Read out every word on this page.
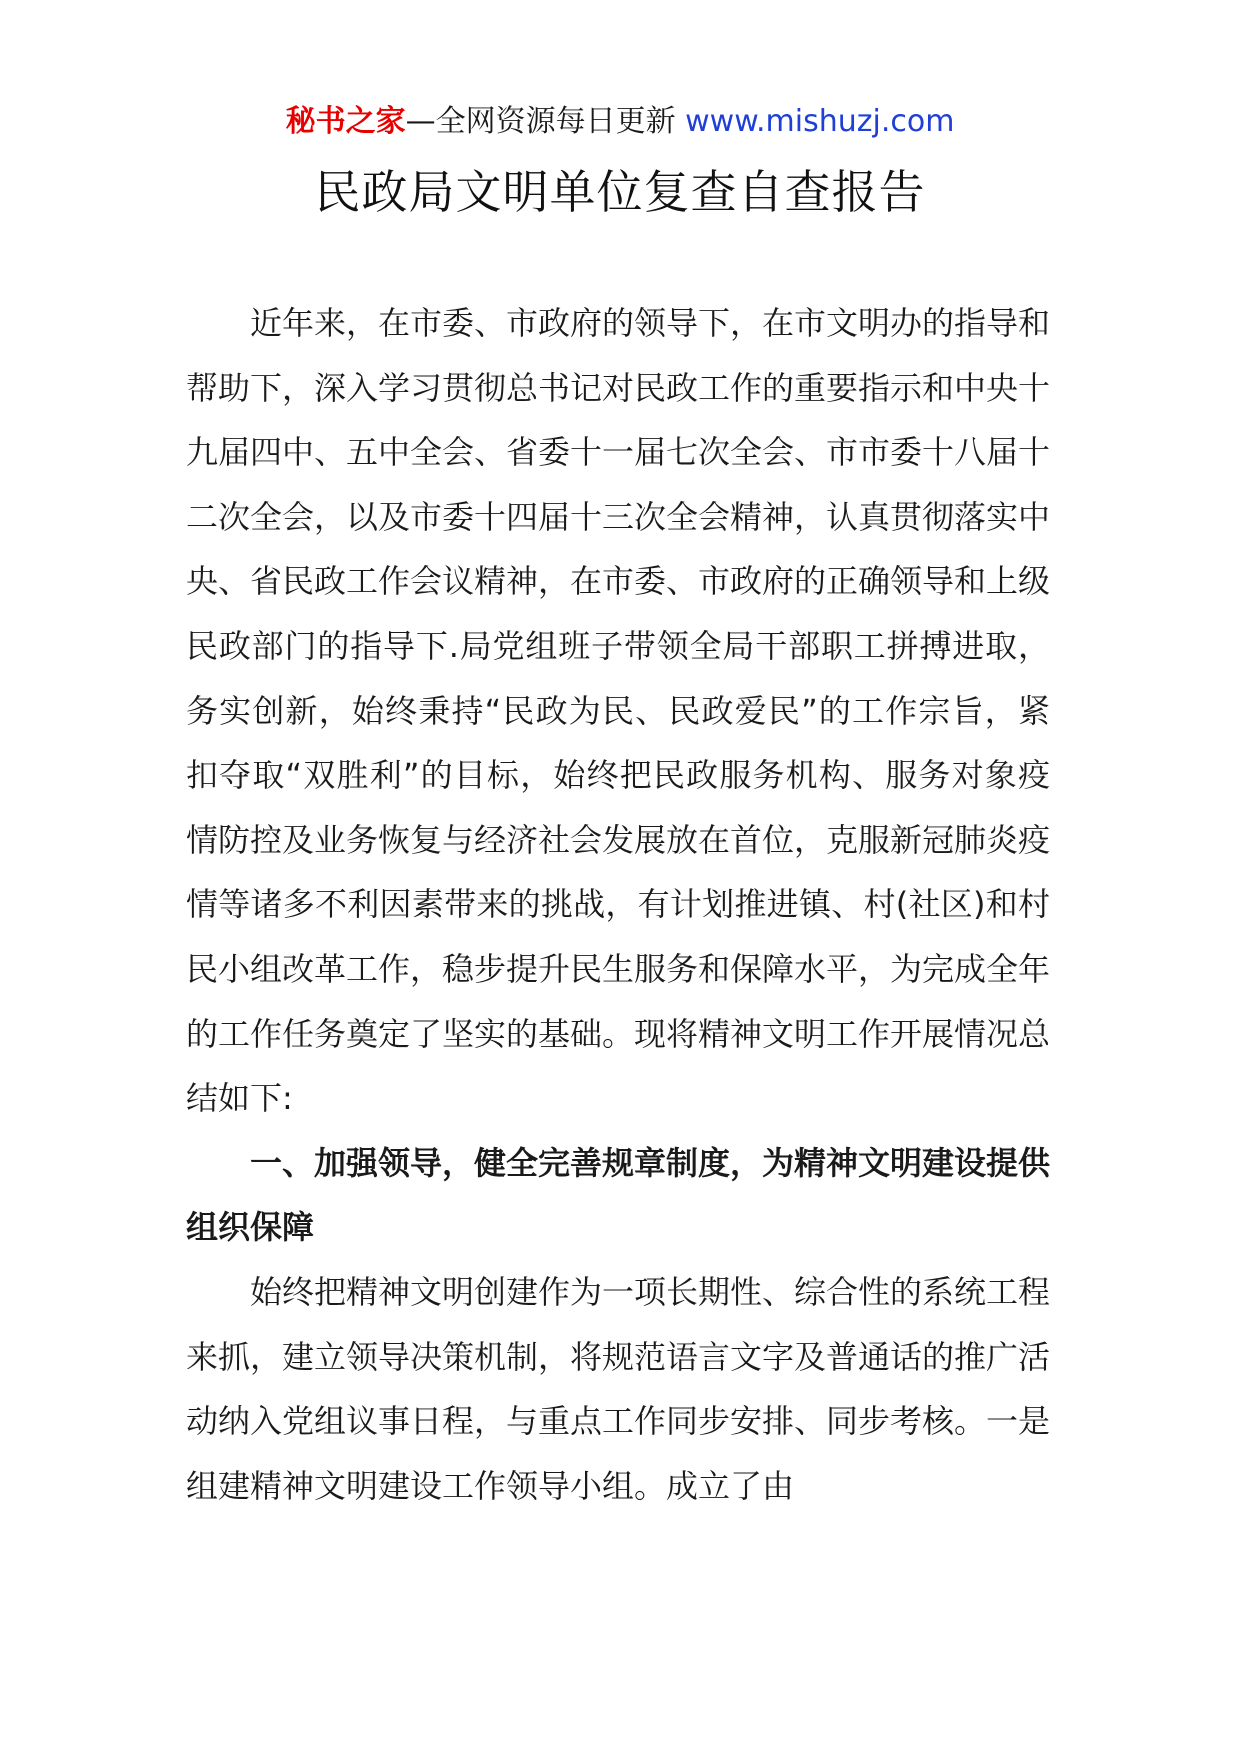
秘书之家—全网资源每日更新 www.mishuzj.com
民政局文明单位复查自查报告

近年来，在市委、市政府的领导下，在市文明办的指导和帮助下，深入学习贯彻总书记对民政工作的重要指示和中央十九届四中、五中全会、省委十一届七次全会、市市委十八届十二次全会，以及市委十四届十三次全会精神，认真贯彻落实中央、省民政工作会议精神，在市委、市政府的正确领导和上级民政部门的指导下.局党组班子带领全局干部职工拼搏进取，务实创新，始终秉持“民政为民、民政爱民”的工作宗旨，紧扣夺取“双胜利”的目标，始终把民政服务机构、服务对象疫情防控及业务恢复与经济社会发展放在首位，克服新冠肺炎疫情等诸多不利因素带来的挑战，有计划推进镇、村(社区)和村民小组改革工作，稳步提升民生服务和保障水平，为完成全年的工作任务奠定了坚实的基础。现将精神文明工作开展情况总结如下:

一、加强领导，健全完善规章制度，为精神文明建设提供组织保障

始终把精神文明创建作为一项长期性、综合性的系统工程来抓，建立领导决策机制，将规范语言文字及普通话的推广活动纳入党组议事日程，与重点工作同步安排、同步考核。一是组建精神文明建设工作领导小组。成立了由
